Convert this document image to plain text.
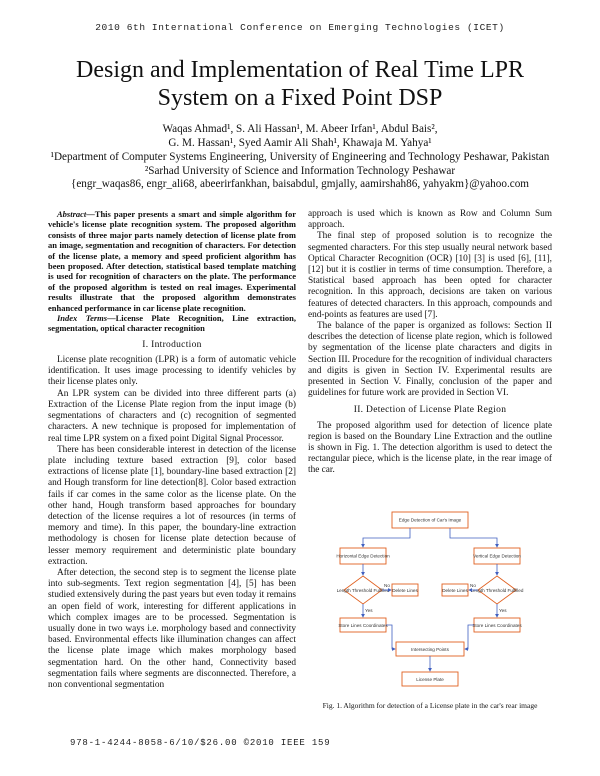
2010 6th International Conference on Emerging Technologies (ICET)
Design and Implementation of Real Time LPR
System on a Fixed Point DSP
Waqas Ahmad¹, S. Ali Hassan¹, M. Abeer Irfan¹, Abdul Bais²,
G. M. Hassan¹, Syed Aamir Ali Shah¹, Khawaja M. Yahya¹
¹Department of Computer Systems Engineering, University of Engineering and Technology Peshawar, Pakistan
²Sarhad University of Science and Information Technology Peshawar
{engr_waqas86, engr_ali68, abeerirfankhan, baisabdul, gmjally, aamirshah86, yahyakm}@yahoo.com

Abstract—This paper presents a smart and simple algorithm for vehicle's license plate recognition system. The proposed algorithm consists of three major parts namely detection of license plate from an image, segmentation and recognition of characters. For detection of the license plate, a memory and speed proficient algorithm has been proposed. After detection, statistical based template matching is used for recognition of characters on the plate. The performance of the proposed algorithm is tested on real images. Experimental results illustrate that the proposed algorithm demonstrates enhanced performance in car license plate recognition.

Index Terms—License Plate Recognition, Line extraction, segmentation, optical character recognition

I. Introduction

License plate recognition (LPR) is a form of automatic vehicle identification. It uses image processing to identify vehicles by their license plates only.

An LPR system can be divided into three different parts (a) Extraction of the License Plate region from the input image (b) segmentations of characters and (c) recognition of segmented characters. A new technique is proposed for implementation of real time LPR system on a fixed point Digital Signal Processor.

There has been considerable interest in detection of the license plate including texture based extraction [9], color based extractions of license plate [1], boundary-line based extraction [2] and Hough transform for line detection[8]. Color based extraction fails if car comes in the same color as the license plate. On the other hand, Hough transform based approaches for boundary detection of the license requires a lot of resources (in terms of memory and time). In this paper, the boundary-line extraction methodology is chosen for license plate detection because of lesser memory requirement and deterministic plate boundary extraction.

After detection, the second step is to segment the license plate into sub-segments. Text region segmentation [4], [5] has been studied extensively during the past years but even today it remains an open field of work, interesting for different applications in which complex images are to be processed. Segmentation is usually done in two ways i.e. morphology based and connectivity based. Environmental effects like illumination changes can affect the license plate image which makes morphology based segmentation hard. On the other hand, Connectivity based segmentation fails where segments are disconnected. Therefore, a non conventional segmentation

approach is used which is known as Row and Column Sum approach.

The final step of proposed solution is to recognize the segmented characters. For this step usually neural network based Optical Character Recognition (OCR) [10] [3] is used [6], [11], [12] but it is costlier in terms of time consumption. Therefore, a Statistical based approach has been opted for character recognition. In this approach, decisions are taken on various features of detected characters. In this approach, compounds and end-points as features are used [7].

The balance of the paper is organized as follows: Section II describes the detection of license plate region, which is followed by segmentation of the license plate characters and digits in Section III. Procedure for the recognition of individual characters and digits is given in Section IV. Experimental results are presented in Section V. Finally, conclusion of the paper and guidelines for future work are provided in Section VI.

II. Detection of License Plate Region

The proposed algorithm used for detection of licence plate region is based on the Boundary Line Extraction and the outline is shown in Fig. 1. The detection algorithm is used to detect the rectangular piece, which is the license plate, in the rear image of the car.

Edge Detection of Car's Image
Horizontal Edge Detection	Vertical Edge Detection
Length Threshold Fulfilled	Length Threshold Fulfilled
Delete Lines	Delete Lines
Store Lines Coordinates	Store Lines Coordinates
Intersecting Points
License Plate
No	No
Yes	Yes
Fig. 1. Algorithm for detection of a License plate in the car's rear image
978-1-4244-8058-6/10/$26.00 ©2010 IEEE 159
